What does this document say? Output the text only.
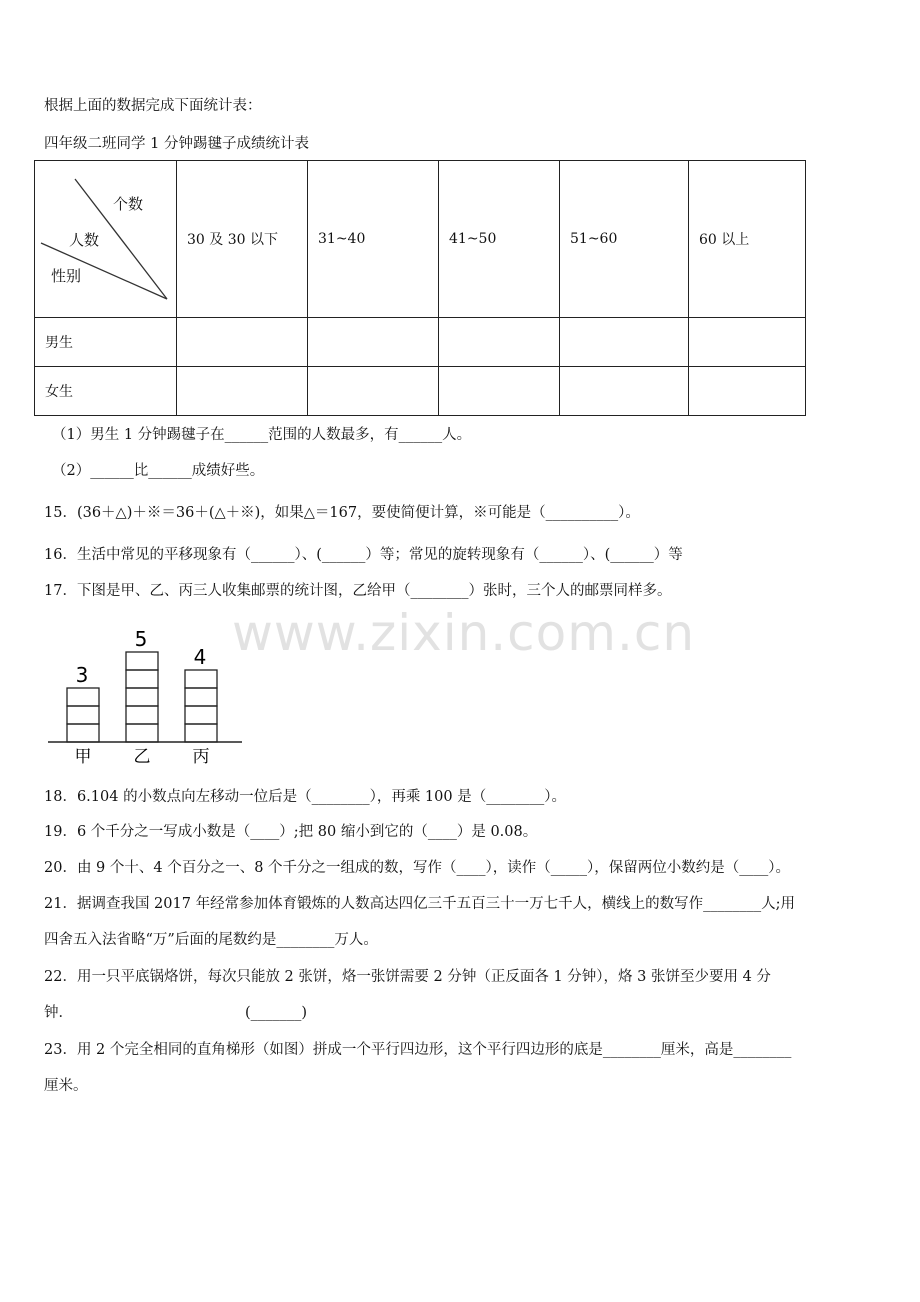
根据上面的数据完成下面统计表：
四年级二班同学 1 分钟踢毽子成绩统计表
个数
人数
性别	30 及 30 以下	31~40	41~50	51~60	60 以上
男生					
女生					
（1）男生 1 分钟踢毽子在______范围的人数最多，有______人。
（2）______比______成绩好些。
15．(36＋△)＋※＝36＋(△＋※)，如果△＝167，要使简便计算，※可能是（__________）。
16．生活中常见的平移现象有（______）、(______）等；常见的旋转现象有（______）、(______）等
17．下图是甲、乙、丙三人收集邮票的统计图，乙给甲（________）张时，三个人的邮票同样多。
www.zixin.com.cn
3
甲
5
乙
4
丙
18．6.104 的小数点向左移动一位后是（________），再乘 100 是（________）。
19．6 个千分之一写成小数是（____）;把 80 缩小到它的（____）是 0.08。
20．由 9 个十、4 个百分之一、8 个千分之一组成的数，写作（____），读作（_____），保留两位小数约是（____）。
21．据调查我国 2017 年经常参加体育锻炼的人数高达四亿三千五百三十一万七千人，横线上的数写作________人;用
四舍五入法省略“万”后面的尾数约是________万人。
22．用一只平底锅烙饼，每次只能放 2 张饼，烙一张饼需要 2 分钟（正反面各 1 分钟），烙 3 张饼至少要用 4 分
钟．	(_______)
23．用 2 个完全相同的直角梯形（如图）拼成一个平行四边形，这个平行四边形的底是________厘米，高是________
厘米。
